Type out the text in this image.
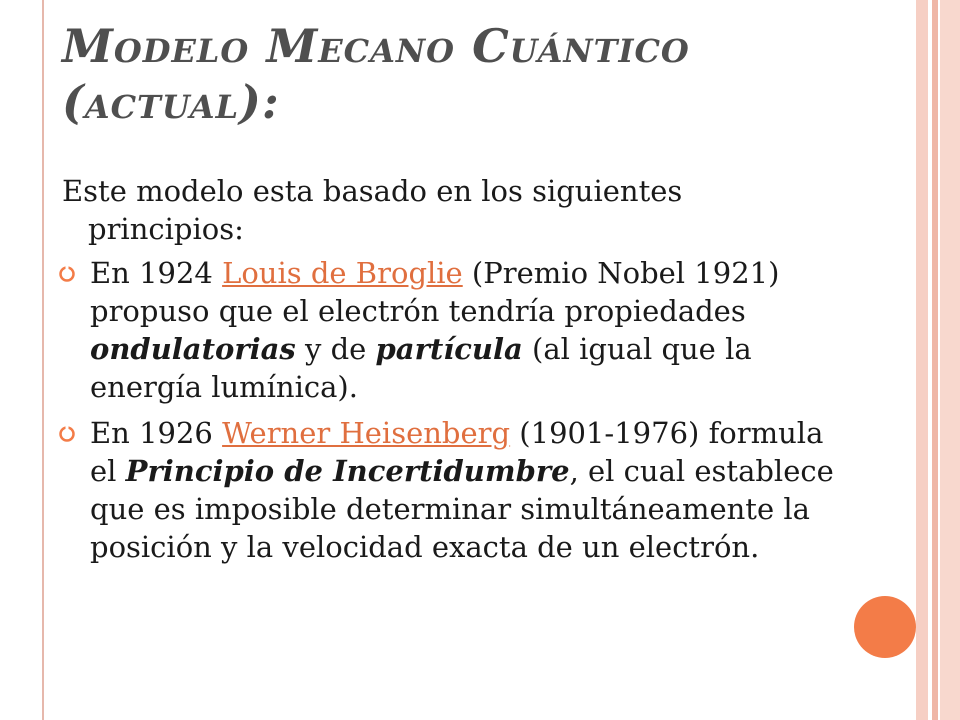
Modelo Mecano Cuántico
(actual):

Este modelo esta basado en los siguientes principios:

En 1924 Louis de Broglie (Premio Nobel 1921) propuso que el electrón tendría propiedades ondulatorias y de partícula (al igual que la energía lumínica).
En 1926 Werner Heisenberg (1901-1976) formula el Principio de Incertidumbre, el cual establece que es imposible determinar simultáneamente la posición y la velocidad exacta de un electrón.
